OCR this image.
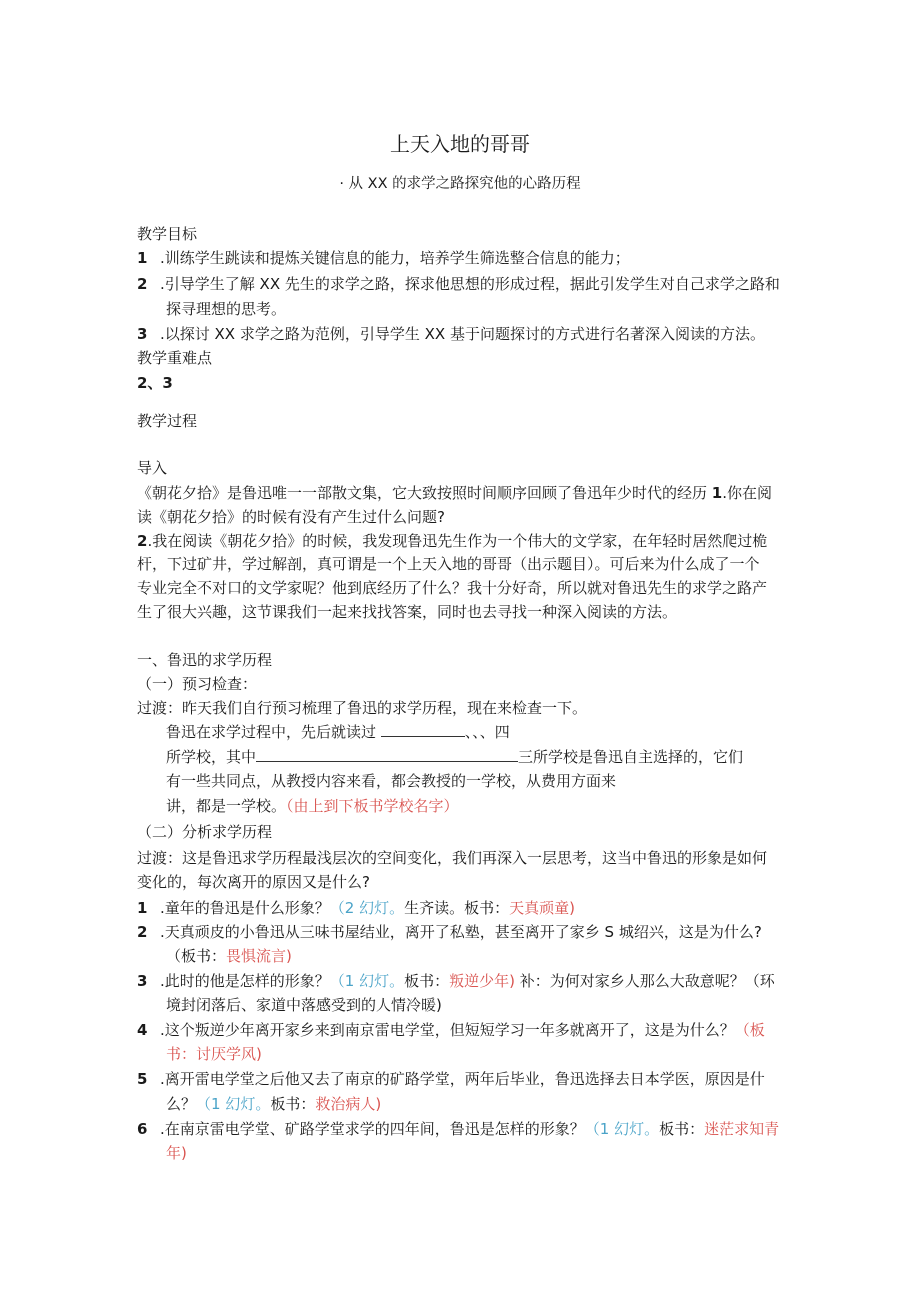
上天入地的哥哥
· 从 XX 的求学之路探究他的心路历程
教学目标
1 .训练学生跳读和提炼关键信息的能力，培养学生筛选整合信息的能力；
2 .引导学生了解 XX 先生的求学之路，探求他思想的形成过程，据此引发学生对自己求学之路和
探寻理想的思考。
3 .以探讨 XX 求学之路为范例，引导学生 XX 基于问题探讨的方式进行名著深入阅读的方法。
教学重难点
2、3
教学过程
导入
《朝花夕拾》是鲁迅唯一一部散文集，它大致按照时间顺序回顾了鲁迅年少时代的经历 1.你在阅
读《朝花夕拾》的时候有没有产生过什么问题?
2.我在阅读《朝花夕拾》的时候，我发现鲁迅先生作为一个伟大的文学家，在年轻时居然爬过桅
杆，下过矿井，学过解剖，真可谓是一个上天入地的哥哥（出示题目）。可后来为什么成了一个
专业完全不对口的文学家呢？他到底经历了什么？我十分好奇，所以就对鲁迅先生的求学之路产
生了很大兴趣，这节课我们一起来找找答案，同时也去寻找一种深入阅读的方法。
一、鲁迅的求学历程
（一）预习检查：
过渡：昨天我们自行预习梳理了鲁迅的求学历程，现在来检查一下。
鲁迅在求学过程中，先后就读过	、、、四
所学校，其中	三所学校是鲁迅自主选择的，它们
有一些共同点，从教授内容来看，都会教授的一学校，从费用方面来
讲，都是一学校。（由上到下板书学校名字）
（二）分析求学历程
过渡：这是鲁迅求学历程最浅层次的空间变化，我们再深入一层思考，这当中鲁迅的形象是如何
变化的，每次离开的原因又是什么?
1 .童年的鲁迅是什么形象？（2 幻灯。生齐读。板书：天真顽童)
2 .天真顽皮的小鲁迅从三味书屋结业，离开了私塾，甚至离开了家乡 S 城绍兴，这是为什么?
（板书：畏惧流言)
3 .此时的他是怎样的形象？（1 幻灯。板书：叛逆少年) 补：为何对家乡人那么大敌意呢？（环
境封闭落后、家道中落感受到的人情冷暖)
4 .这个叛逆少年离开家乡来到南京雷电学堂，但短短学习一年多就离开了，这是为什么？（板
书：讨厌学风)
5 .离开雷电学堂之后他又去了南京的矿路学堂，两年后毕业，鲁迅选择去日本学医，原因是什
么？（1 幻灯。板书：救治病人)
6 .在南京雷电学堂、矿路学堂求学的四年间，鲁迅是怎样的形象？（1 幻灯。板书：迷茫求知青
年)
